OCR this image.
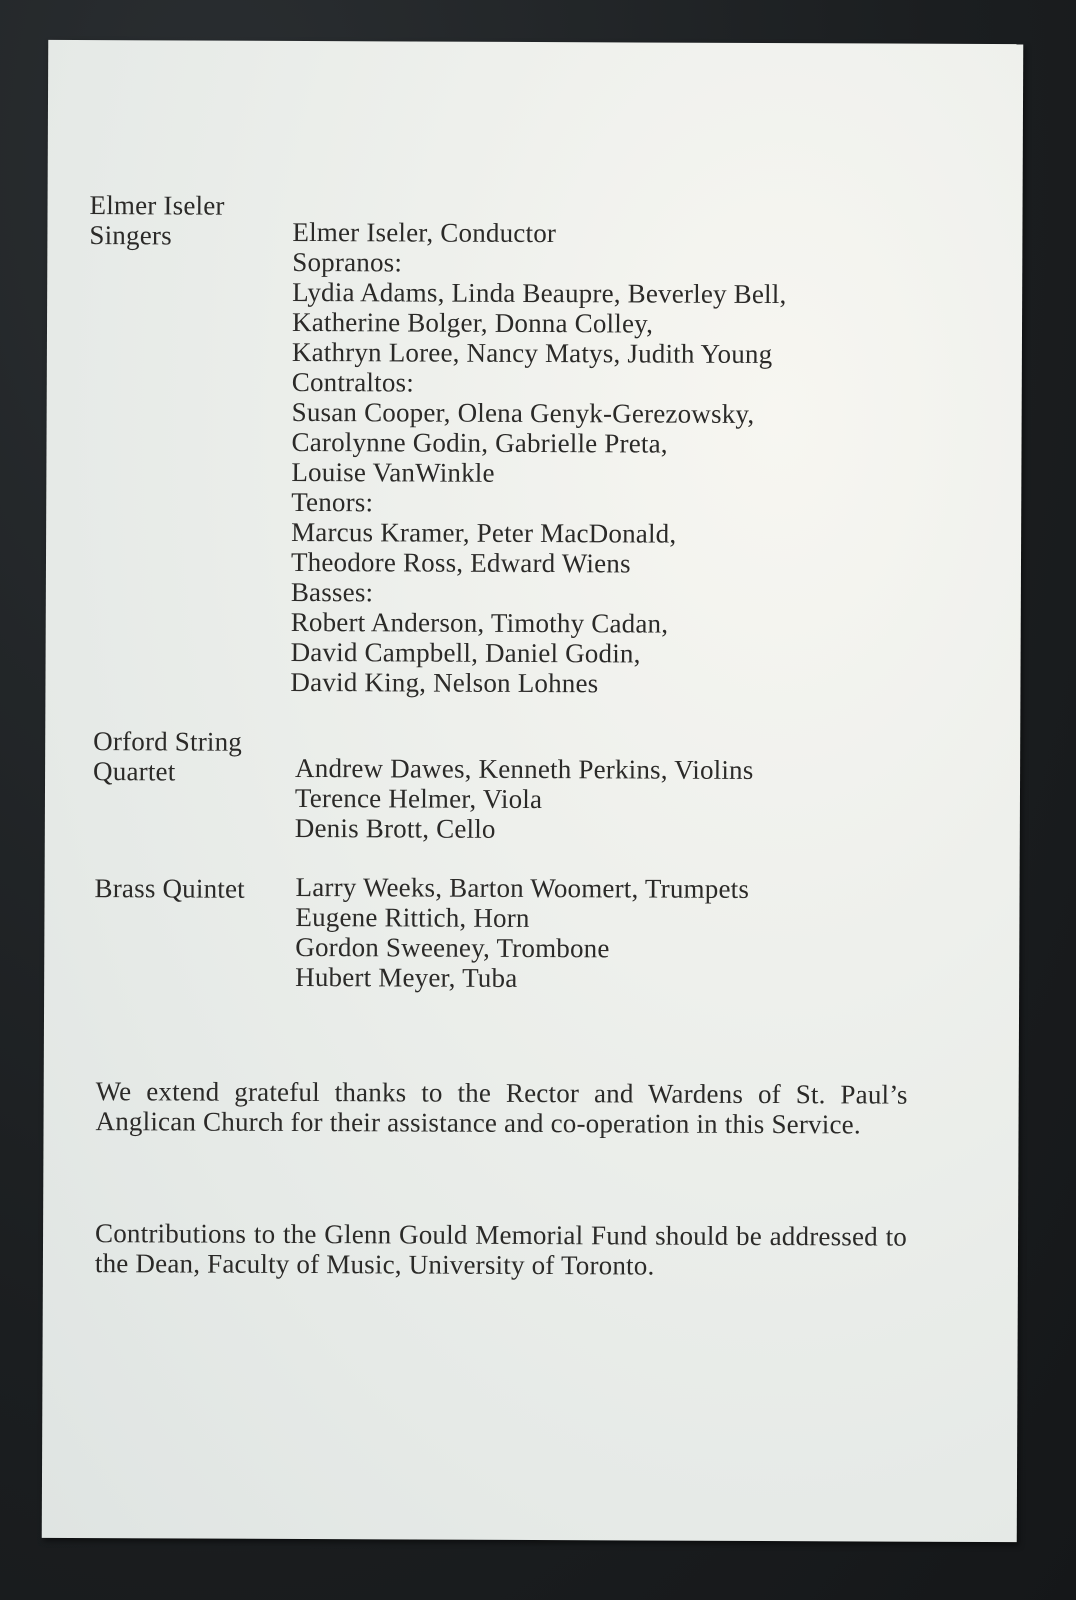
Elmer Iseler
Singers	Elmer Iseler, Conductor
Sopranos:
Lydia Adams, Linda Beaupre, Beverley Bell,
Katherine Bolger, Donna Colley,
Kathryn Loree, Nancy Matys, Judith Young
Contraltos:
Susan Cooper, Olena Genyk-Gerezowsky,
Carolynne Godin, Gabrielle Preta,
Louise VanWinkle
Tenors:
Marcus Kramer, Peter MacDonald,
Theodore Ross, Edward Wiens
Basses:
Robert Anderson, Timothy Cadan,
David Campbell, Daniel Godin,
David King, Nelson Lohnes
Orford String
Quartet	Andrew Dawes, Kenneth Perkins, Violins
Terence Helmer, Viola
Denis Brott, Cello
Brass Quintet Larry Weeks, Barton Woomert, Trumpets
Eugene Rittich, Horn
Gordon Sweeney, Trombone
Hubert Meyer, Tuba
We extend grateful thanks to the Rector and Wardens of St. Paul’s Anglican Church for their assistance and co-operation in this Service.
Contributions to the Glenn Gould Memorial Fund should be addressed to the Dean, Faculty of Music, University of Toronto.
